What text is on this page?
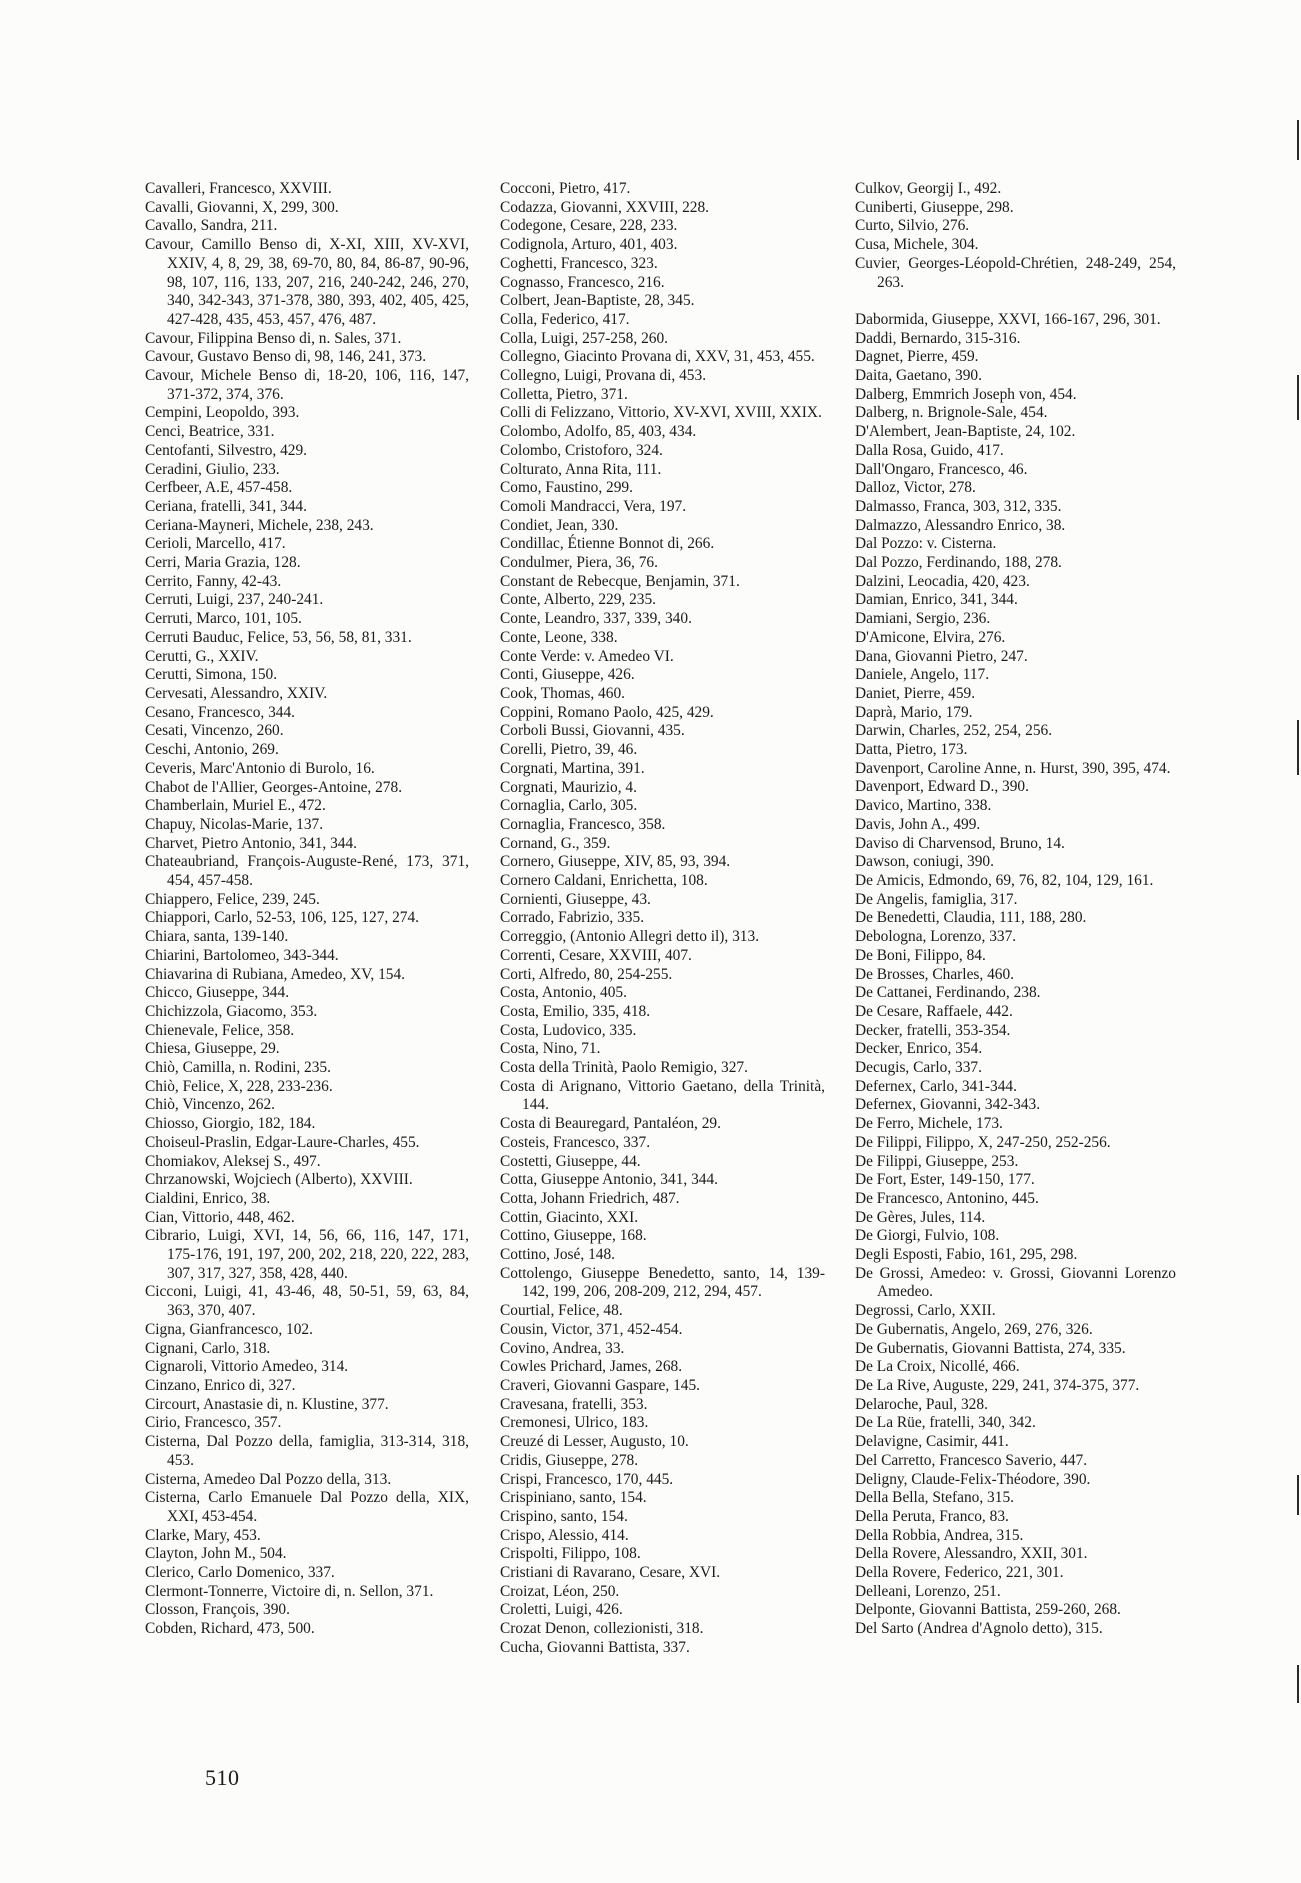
Cavalleri, Francesco, XXVIII.

Cavalli, Giovanni, X, 299, 300.

Cavallo, Sandra, 211.

Cavour, Camillo Benso di, X-XI, XIII, XV-XVI, XXIV, 4, 8, 29, 38, 69-70, 80, 84, 86-87, 90-96, 98, 107, 116, 133, 207, 216, 240-242, 246, 270, 340, 342-343, 371-378, 380, 393, 402, 405, 425, 427-428, 435, 453, 457, 476, 487.

Cavour, Filippina Benso di, n. Sales, 371.

Cavour, Gustavo Benso di, 98, 146, 241, 373.

Cavour, Michele Benso di, 18-20, 106, 116, 147, 371-372, 374, 376.

Cempini, Leopoldo, 393.

Cenci, Beatrice, 331.

Centofanti, Silvestro, 429.

Ceradini, Giulio, 233.

Cerfbeer, A.E, 457-458.

Ceriana, fratelli, 341, 344.

Ceriana-Mayneri, Michele, 238, 243.

Cerioli, Marcello, 417.

Cerri, Maria Grazia, 128.

Cerrito, Fanny, 42-43.

Cerruti, Luigi, 237, 240-241.

Cerruti, Marco, 101, 105.

Cerruti Bauduc, Felice, 53, 56, 58, 81, 331.

Cerutti, G., XXIV.

Cerutti, Simona, 150.

Cervesati, Alessandro, XXIV.

Cesano, Francesco, 344.

Cesati, Vincenzo, 260.

Ceschi, Antonio, 269.

Ceveris, Marc'Antonio di Burolo, 16.

Chabot de l'Allier, Georges-Antoine, 278.

Chamberlain, Muriel E., 472.

Chapuy, Nicolas-Marie, 137.

Charvet, Pietro Antonio, 341, 344.

Chateaubriand, François-Auguste-René, 173, 371, 454, 457-458.

Chiappero, Felice, 239, 245.

Chiappori, Carlo, 52-53, 106, 125, 127, 274.

Chiara, santa, 139-140.

Chiarini, Bartolomeo, 343-344.

Chiavarina di Rubiana, Amedeo, XV, 154.

Chicco, Giuseppe, 344.

Chichizzola, Giacomo, 353.

Chienevale, Felice, 358.

Chiesa, Giuseppe, 29.

Chiò, Camilla, n. Rodini, 235.

Chiò, Felice, X, 228, 233-236.

Chiò, Vincenzo, 262.

Chiosso, Giorgio, 182, 184.

Choiseul-Praslin, Edgar-Laure-Charles, 455.

Chomiakov, Aleksej S., 497.

Chrzanowski, Wojciech (Alberto), XXVIII.

Cialdini, Enrico, 38.

Cian, Vittorio, 448, 462.

Cibrario, Luigi, XVI, 14, 56, 66, 116, 147, 171, 175-176, 191, 197, 200, 202, 218, 220, 222, 283, 307, 317, 327, 358, 428, 440.

Cicconi, Luigi, 41, 43-46, 48, 50-51, 59, 63, 84, 363, 370, 407.

Cigna, Gianfrancesco, 102.

Cignani, Carlo, 318.

Cignaroli, Vittorio Amedeo, 314.

Cinzano, Enrico di, 327.

Circourt, Anastasie di, n. Klustine, 377.

Cirio, Francesco, 357.

Cisterna, Dal Pozzo della, famiglia, 313-314, 318, 453.

Cisterna, Amedeo Dal Pozzo della, 313.

Cisterna, Carlo Emanuele Dal Pozzo della, XIX, XXI, 453-454.

Clarke, Mary, 453.

Clayton, John M., 504.

Clerico, Carlo Domenico, 337.

Clermont-Tonnerre, Victoire di, n. Sellon, 371.

Closson, François, 390.

Cobden, Richard, 473, 500.

Cocconi, Pietro, 417.

Codazza, Giovanni, XXVIII, 228.

Codegone, Cesare, 228, 233.

Codignola, Arturo, 401, 403.

Coghetti, Francesco, 323.

Cognasso, Francesco, 216.

Colbert, Jean-Baptiste, 28, 345.

Colla, Federico, 417.

Colla, Luigi, 257-258, 260.

Collegno, Giacinto Provana di, XXV, 31, 453, 455.

Collegno, Luigi, Provana di, 453.

Colletta, Pietro, 371.

Colli di Felizzano, Vittorio, XV-XVI, XVIII, XXIX.

Colombo, Adolfo, 85, 403, 434.

Colombo, Cristoforo, 324.

Colturato, Anna Rita, 111.

Como, Faustino, 299.

Comoli Mandracci, Vera, 197.

Condiet, Jean, 330.

Condillac, Étienne Bonnot di, 266.

Condulmer, Piera, 36, 76.

Constant de Rebecque, Benjamin, 371.

Conte, Alberto, 229, 235.

Conte, Leandro, 337, 339, 340.

Conte, Leone, 338.

Conte Verde: v. Amedeo VI.

Conti, Giuseppe, 426.

Cook, Thomas, 460.

Coppini, Romano Paolo, 425, 429.

Corboli Bussi, Giovanni, 435.

Corelli, Pietro, 39, 46.

Corgnati, Martina, 391.

Corgnati, Maurizio, 4.

Cornaglia, Carlo, 305.

Cornaglia, Francesco, 358.

Cornand, G., 359.

Cornero, Giuseppe, XIV, 85, 93, 394.

Cornero Caldani, Enrichetta, 108.

Cornienti, Giuseppe, 43.

Corrado, Fabrizio, 335.

Correggio, (Antonio Allegri detto il), 313.

Correnti, Cesare, XXVIII, 407.

Corti, Alfredo, 80, 254-255.

Costa, Antonio, 405.

Costa, Emilio, 335, 418.

Costa, Ludovico, 335.

Costa, Nino, 71.

Costa della Trinità, Paolo Remigio, 327.

Costa di Arignano, Vittorio Gaetano, della Trinità, 144.

Costa di Beauregard, Pantaléon, 29.

Costeis, Francesco, 337.

Costetti, Giuseppe, 44.

Cotta, Giuseppe Antonio, 341, 344.

Cotta, Johann Friedrich, 487.

Cottin, Giacinto, XXI.

Cottino, Giuseppe, 168.

Cottino, José, 148.

Cottolengo, Giuseppe Benedetto, santo, 14, 139-142, 199, 206, 208-209, 212, 294, 457.

Courtial, Felice, 48.

Cousin, Victor, 371, 452-454.

Covino, Andrea, 33.

Cowles Prichard, James, 268.

Craveri, Giovanni Gaspare, 145.

Cravesana, fratelli, 353.

Cremonesi, Ulrico, 183.

Creuzé di Lesser, Augusto, 10.

Cridis, Giuseppe, 278.

Crispi, Francesco, 170, 445.

Crispiniano, santo, 154.

Crispino, santo, 154.

Crispo, Alessio, 414.

Crispolti, Filippo, 108.

Cristiani di Ravarano, Cesare, XVI.

Croizat, Léon, 250.

Croletti, Luigi, 426.

Crozat Denon, collezionisti, 318.

Cucha, Giovanni Battista, 337.

Culkov, Georgij I., 492.

Cuniberti, Giuseppe, 298.

Curto, Silvio, 276.

Cusa, Michele, 304.

Cuvier, Georges-Léopold-Chrétien, 248-249, 254, 263.

Dabormida, Giuseppe, XXVI, 166-167, 296, 301.

Daddi, Bernardo, 315-316.

Dagnet, Pierre, 459.

Daita, Gaetano, 390.

Dalberg, Emmrich Joseph von, 454.

Dalberg, n. Brignole-Sale, 454.

D'Alembert, Jean-Baptiste, 24, 102.

Dalla Rosa, Guido, 417.

Dall'Ongaro, Francesco, 46.

Dalloz, Victor, 278.

Dalmasso, Franca, 303, 312, 335.

Dalmazzo, Alessandro Enrico, 38.

Dal Pozzo: v. Cisterna.

Dal Pozzo, Ferdinando, 188, 278.

Dalzini, Leocadia, 420, 423.

Damian, Enrico, 341, 344.

Damiani, Sergio, 236.

D'Amicone, Elvira, 276.

Dana, Giovanni Pietro, 247.

Daniele, Angelo, 117.

Daniet, Pierre, 459.

Daprà, Mario, 179.

Darwin, Charles, 252, 254, 256.

Datta, Pietro, 173.

Davenport, Caroline Anne, n. Hurst, 390, 395, 474.

Davenport, Edward D., 390.

Davico, Martino, 338.

Davis, John A., 499.

Daviso di Charvensod, Bruno, 14.

Dawson, coniugi, 390.

De Amicis, Edmondo, 69, 76, 82, 104, 129, 161.

De Angelis, famiglia, 317.

De Benedetti, Claudia, 111, 188, 280.

Debologna, Lorenzo, 337.

De Boni, Filippo, 84.

De Brosses, Charles, 460.

De Cattanei, Ferdinando, 238.

De Cesare, Raffaele, 442.

Decker, fratelli, 353-354.

Decker, Enrico, 354.

Decugis, Carlo, 337.

Defernex, Carlo, 341-344.

Defernex, Giovanni, 342-343.

De Ferro, Michele, 173.

De Filippi, Filippo, X, 247-250, 252-256.

De Filippi, Giuseppe, 253.

De Fort, Ester, 149-150, 177.

De Francesco, Antonino, 445.

De Gères, Jules, 114.

De Giorgi, Fulvio, 108.

Degli Esposti, Fabio, 161, 295, 298.

De Grossi, Amedeo: v. Grossi, Giovanni Lorenzo Amedeo.

Degrossi, Carlo, XXII.

De Gubernatis, Angelo, 269, 276, 326.

De Gubernatis, Giovanni Battista, 274, 335.

De La Croix, Nicollé, 466.

De La Rive, Auguste, 229, 241, 374-375, 377.

Delaroche, Paul, 328.

De La Rüe, fratelli, 340, 342.

Delavigne, Casimir, 441.

Del Carretto, Francesco Saverio, 447.

Deligny, Claude-Felix-Théodore, 390.

Della Bella, Stefano, 315.

Della Peruta, Franco, 83.

Della Robbia, Andrea, 315.

Della Rovere, Alessandro, XXII, 301.

Della Rovere, Federico, 221, 301.

Delleani, Lorenzo, 251.

Delponte, Giovanni Battista, 259-260, 268.

Del Sarto (Andrea d'Agnolo detto), 315.

510
